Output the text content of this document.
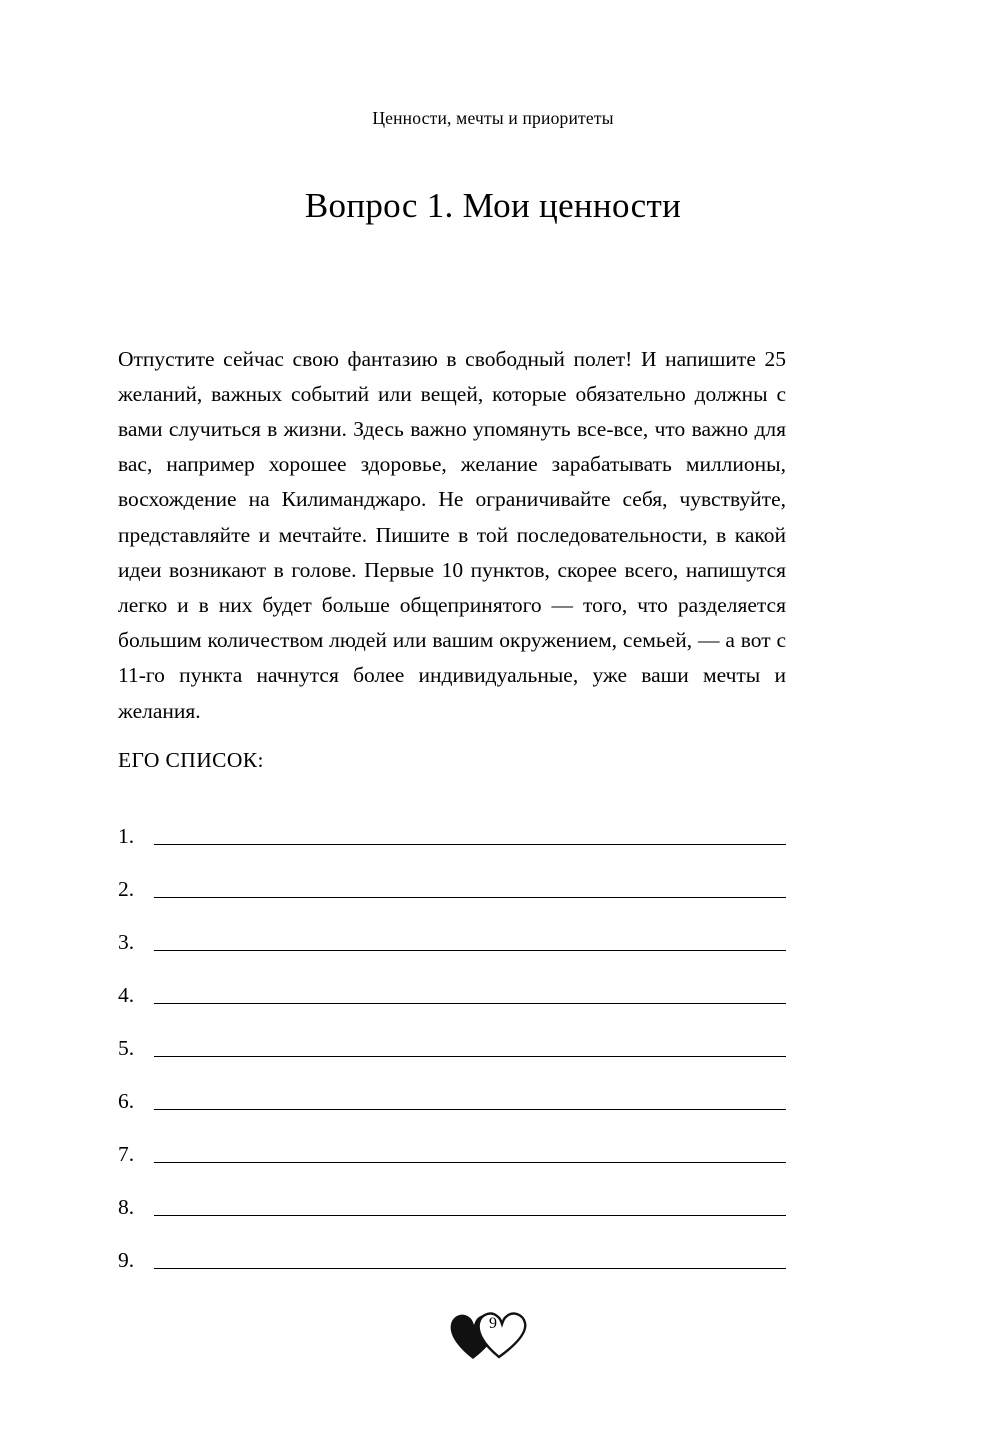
Ценности, мечты и приоритеты
Вопрос 1. Мои ценности

Отпустите сейчас свою фантазию в свободный полет! И напишите 25 желаний, важных событий или вещей, которые обязательно должны с вами случиться в жизни. Здесь важно упомянуть все-все, что важно для вас, например хорошее здоровье, желание зарабатывать миллионы, восхождение на Килиманджаро. Не ограничивайте себя, чувствуйте, представляйте и мечтайте. Пишите в той последовательности, в какой идеи возникают в голове. Первые 10 пунктов, скорее всего, напишутся легко и в них будет больше общепринятого — того, что разделяется большим количеством людей или вашим окружением, семьей, — а вот с 11-го пункта начнутся более индивидуальные, уже ваши мечты и желания.

ЕГО СПИСОК:
1.
2.
3.
4.
5.
6.
7.
8.
9.
9
